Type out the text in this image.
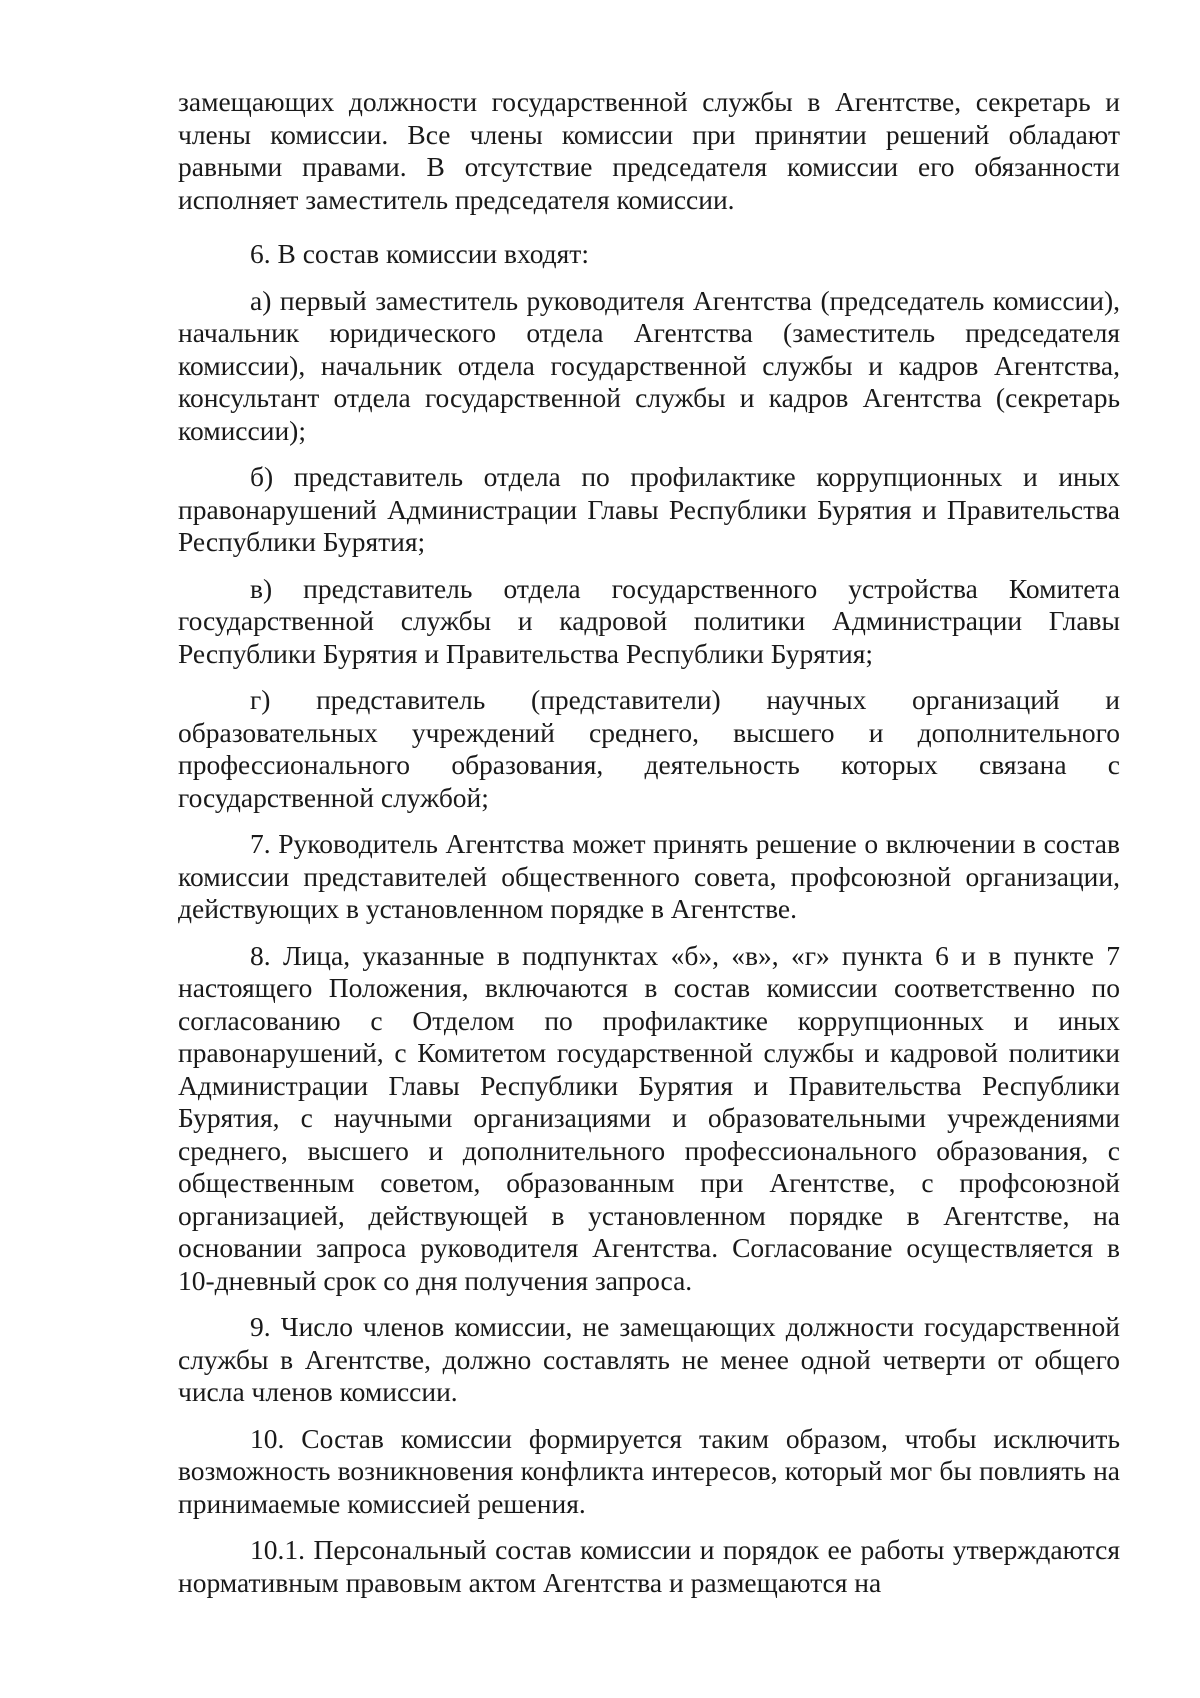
замещающих должности государственной службы в Агентстве, секретарь и члены комиссии. Все члены комиссии при принятии решений обладают равными правами. В отсутствие председателя комиссии его обязанности исполняет заместитель председателя комиссии.

6. В состав комиссии входят:

а) первый заместитель руководителя Агентства (председатель комиссии), начальник юридического отдела Агентства (заместитель председателя комиссии), начальник отдела государственной службы и кадров Агентства, консультант отдела государственной службы и кадров Агентства (секретарь комиссии);

б) представитель отдела по профилактике коррупционных и иных правонарушений Администрации Главы Республики Бурятия и Правительства Республики Бурятия;

в) представитель отдела государственного устройства Комитета государственной службы и кадровой политики Администрации Главы Республики Бурятия и Правительства Республики Бурятия;

г) представитель (представители) научных организаций и образовательных учреждений среднего, высшего и дополнительного профессионального образования, деятельность которых связана с государственной службой;

7. Руководитель Агентства может принять решение о включении в состав комиссии представителей общественного совета, профсоюзной организации, действующих в установленном порядке в Агентстве.

8. Лица, указанные в подпунктах «б», «в», «г» пункта 6 и в пункте 7 настоящего Положения, включаются в состав комиссии соответственно по согласованию с Отделом по профилактике коррупционных и иных правонарушений, с Комитетом государственной службы и кадровой политики Администрации Главы Республики Бурятия и Правительства Республики Бурятия, с научными организациями и образовательными учреждениями среднего, высшего и дополнительного профессионального образования, с общественным советом, образованным при Агентстве, с профсоюзной организацией, действующей в установленном порядке в Агентстве, на основании запроса руководителя Агентства. Согласование осуществляется в 10-дневный срок со дня получения запроса.

9. Число членов комиссии, не замещающих должности государственной службы в Агентстве, должно составлять не менее одной четверти от общего числа членов комиссии.

10. Состав комиссии формируется таким образом, чтобы исключить возможность возникновения конфликта интересов, который мог бы повлиять на принимаемые комиссией решения.

10.1. Персональный состав комиссии и порядок ее работы утверждаются нормативным правовым актом Агентства и размещаются на
